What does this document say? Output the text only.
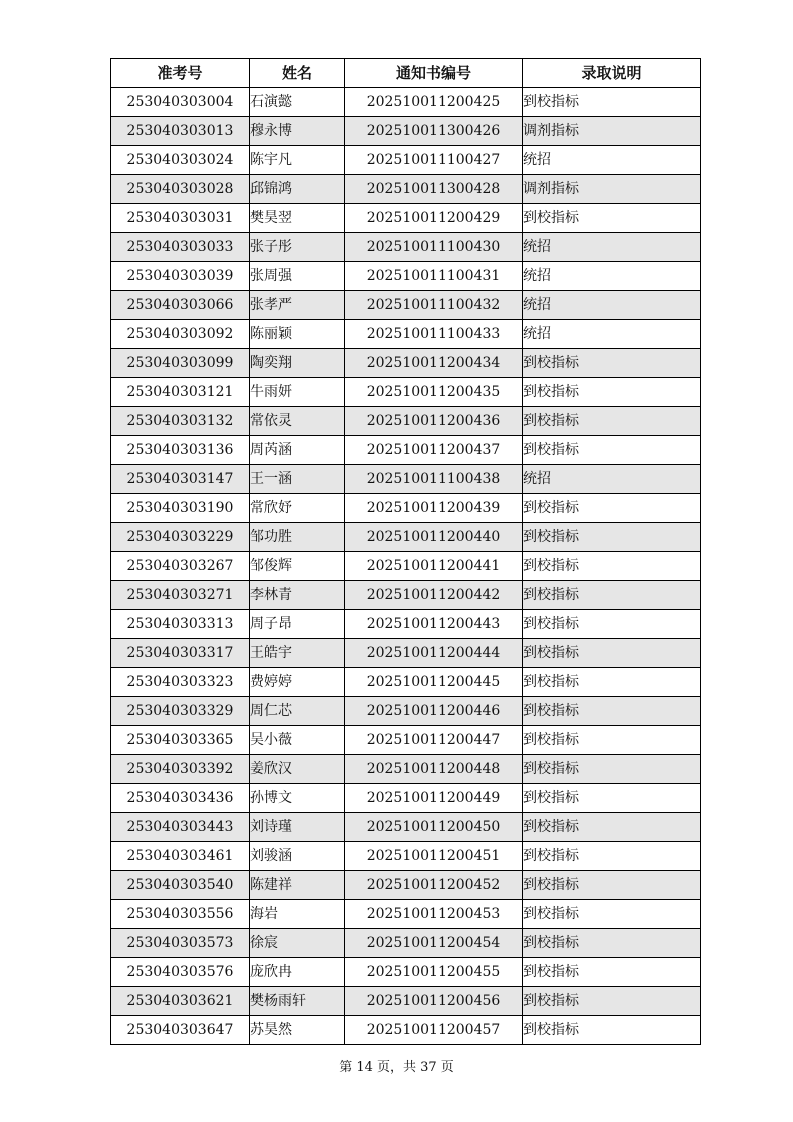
准考号	姓名	通知书编号	录取说明
253040303004	石演懿	202510011200425	到校指标
253040303013	穆永博	202510011300426	调剂指标
253040303024	陈宇凡	202510011100427	统招
253040303028	邱锦鸿	202510011300428	调剂指标
253040303031	樊昊翌	202510011200429	到校指标
253040303033	张子彤	202510011100430	统招
253040303039	张周强	202510011100431	统招
253040303066	张孝严	202510011100432	统招
253040303092	陈丽颖	202510011100433	统招
253040303099	陶奕翔	202510011200434	到校指标
253040303121	牛雨妍	202510011200435	到校指标
253040303132	常依灵	202510011200436	到校指标
253040303136	周芮涵	202510011200437	到校指标
253040303147	王一涵	202510011100438	统招
253040303190	常欣妤	202510011200439	到校指标
253040303229	邹功胜	202510011200440	到校指标
253040303267	邹俊辉	202510011200441	到校指标
253040303271	李林青	202510011200442	到校指标
253040303313	周子昂	202510011200443	到校指标
253040303317	王皓宇	202510011200444	到校指标
253040303323	费婷婷	202510011200445	到校指标
253040303329	周仁芯	202510011200446	到校指标
253040303365	吴小薇	202510011200447	到校指标
253040303392	姜欣汉	202510011200448	到校指标
253040303436	孙博文	202510011200449	到校指标
253040303443	刘诗瑾	202510011200450	到校指标
253040303461	刘骏涵	202510011200451	到校指标
253040303540	陈建祥	202510011200452	到校指标
253040303556	海岩	202510011200453	到校指标
253040303573	徐宸	202510011200454	到校指标
253040303576	庞欣冉	202510011200455	到校指标
253040303621	樊杨雨轩	202510011200456	到校指标
253040303647	苏昊然	202510011200457	到校指标
第 14 页，共 37 页
